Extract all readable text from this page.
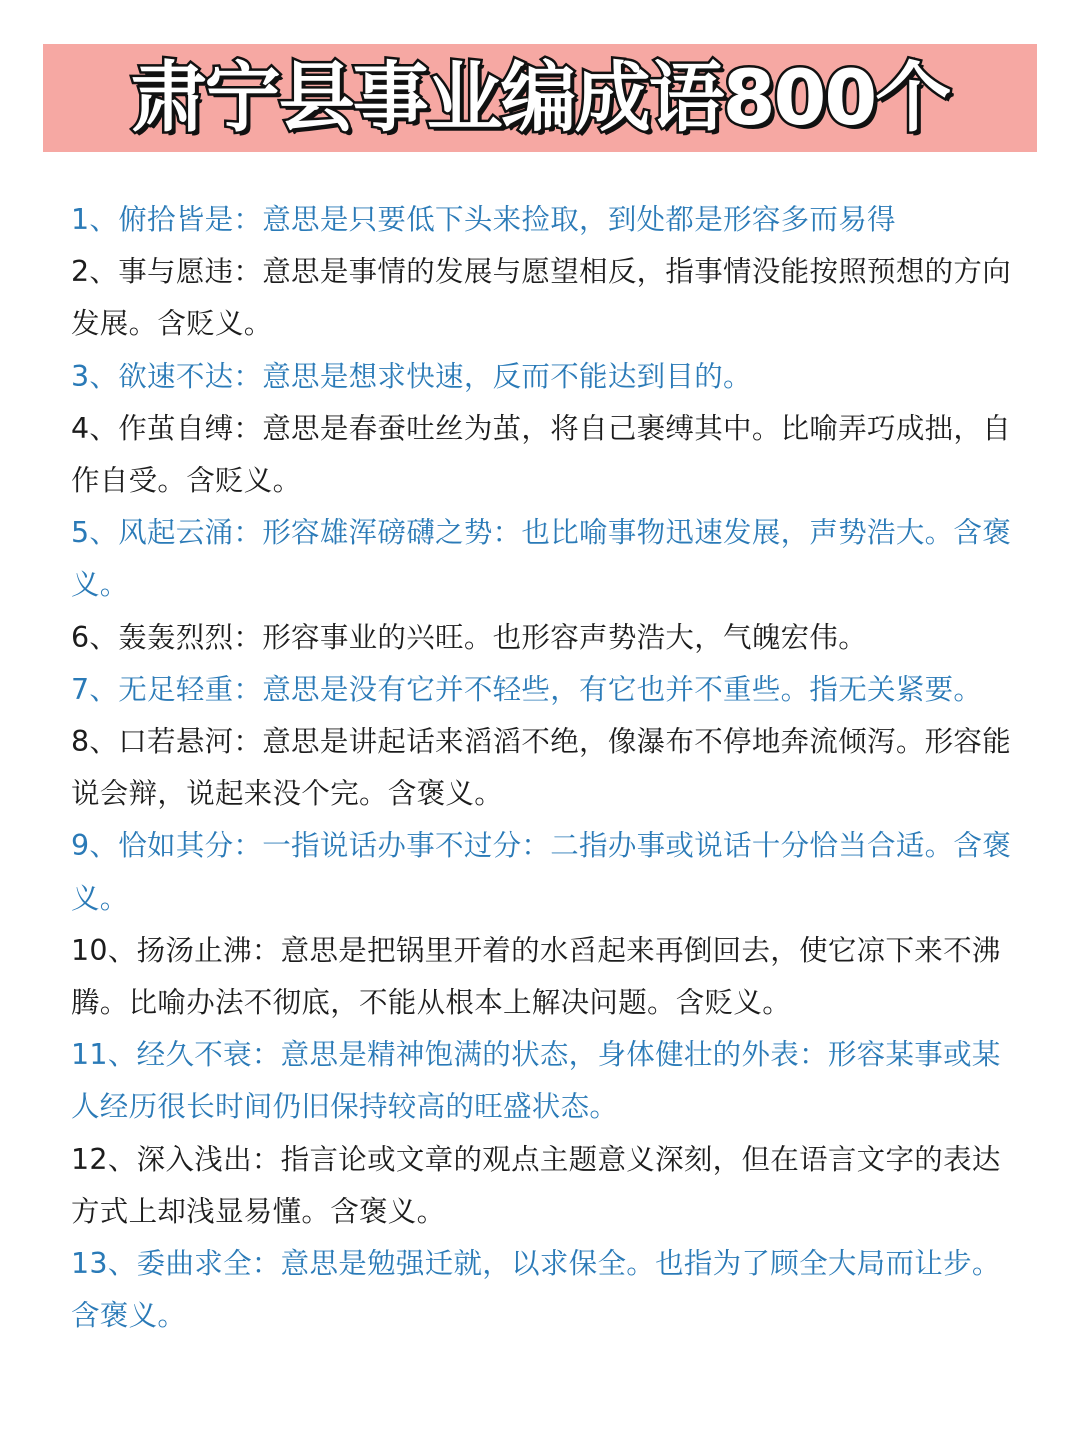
肃宁县事业编成语800个
1、俯拾皆是：意思是只要低下头来捡取，到处都是形容多而易得
2、事与愿违：意思是事情的发展与愿望相反，指事情没能按照预想的方向发展。含贬义。
3、欲速不达：意思是想求快速，反而不能达到目的。
4、作茧自缚：意思是春蚕吐丝为茧，将自己裹缚其中。比喻弄巧成拙，自作自受。含贬义。
5、风起云涌：形容雄浑磅礴之势：也比喻事物迅速发展，声势浩大。含褒义。
6、轰轰烈烈：形容事业的兴旺。也形容声势浩大，气魄宏伟。
7、无足轻重：意思是没有它并不轻些，有它也并不重些。指无关紧要。
8、口若悬河：意思是讲起话来滔滔不绝，像瀑布不停地奔流倾泻。形容能说会辩，说起来没个完。含褒义。
9、恰如其分：一指说话办事不过分：二指办事或说话十分恰当合适。含褒义。
10、扬汤止沸：意思是把锅里开着的水舀起来再倒回去，使它凉下来不沸腾。比喻办法不彻底，不能从根本上解决问题。含贬义。
11、经久不衰：意思是精神饱满的状态，身体健壮的外表：形容某事或某人经历很长时间仍旧保持较高的旺盛状态。
12、深入浅出：指言论或文章的观点主题意义深刻，但在语言文字的表达方式上却浅显易懂。含褒义。
13、委曲求全：意思是勉强迁就，以求保全。也指为了顾全大局而让步。含褒义。
